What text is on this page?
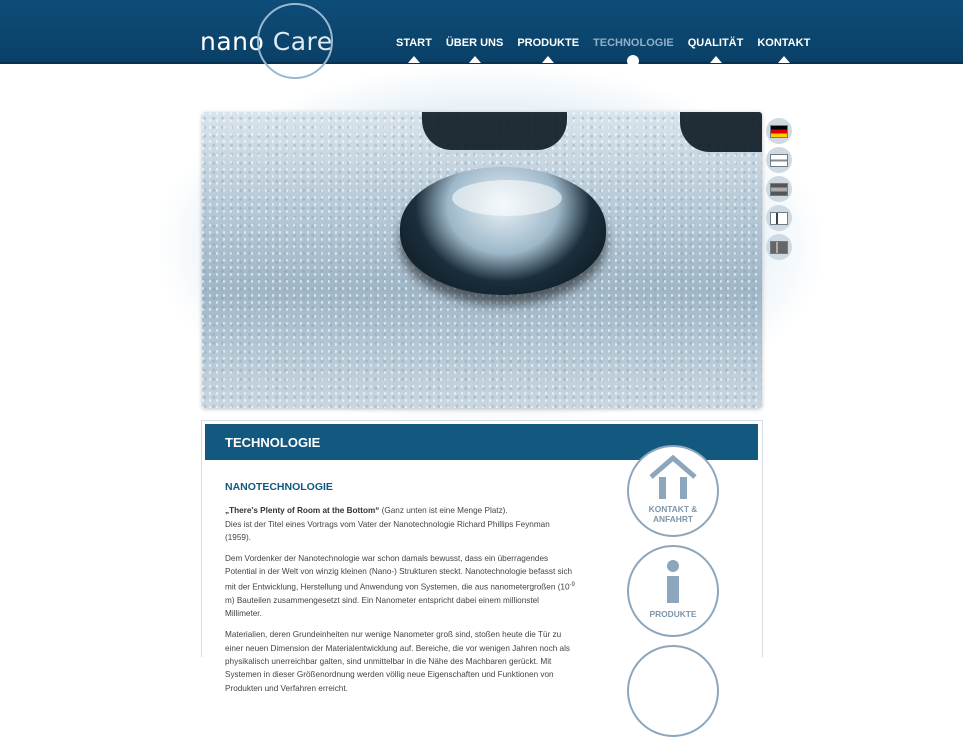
nano Care	START ÜBER UNS PRODUKTE TECHNOLOGIE QUALITÄT KONTAKT
TECHNOLOGIE
NANOTECHNOLOGIE

„There's Plenty of Room at the Bottom“ (Ganz unten ist eine Menge Platz).
Dies ist der Titel eines Vortrags vom Vater der Nanotechnologie Richard Phillips Feynman (1959).

Dem Vordenker der Nanotechnologie war schon damals bewusst, dass ein überragendes Potential in der Welt von winzig kleinen (Nano-) Strukturen steckt. Nanotechnologie befasst sich mit der Entwicklung, Herstellung und Anwendung von Systemen, die aus nanometergroßen ($10^{-9}$ m) Bauteilen zusammengesetzt sind. Ein Nanometer entspricht dabei einem millionstel Millimeter.

Materialien, deren Grundeinheiten nur wenige Nanometer groß sind, stoßen heute die Tür zu einer neuen Dimension der Materialentwicklung auf. Bereiche, die vor wenigen Jahren noch als physikalisch unerreichbar galten, sind unmittelbar in die Nähe des Machbaren gerückt. Mit Systemen in dieser Größenordnung werden völlig neue Eigenschaften und Funktionen von Produkten und Verfahren erreicht.

KONTAKT &
ANFAHRT
PRODUKTE
